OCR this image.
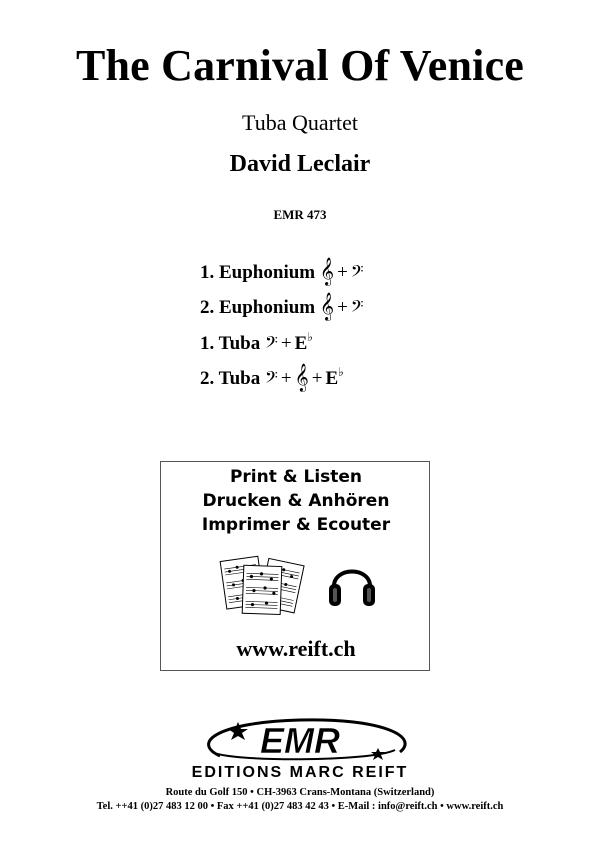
The Carnival Of Venice
Tuba Quartet
David Leclair
EMR 473
1. Euphonium 𝄞 + 𝄢
2. Euphonium 𝄞 + 𝄢
1. Tuba 𝄢 + E♭
2. Tuba 𝄢 + 𝄞 + E♭
Print & Listen
Drucken & Anhören
Imprimer & Ecouter
www.reift.ch
EMR
EDITIONS MARC REIFT
Route du Golf 150 • CH-3963 Crans-Montana (Switzerland)
Tel. ++41 (0)27 483 12 00 • Fax ++41 (0)27 483 42 43 • E-Mail : info@reift.ch • www.reift.ch
